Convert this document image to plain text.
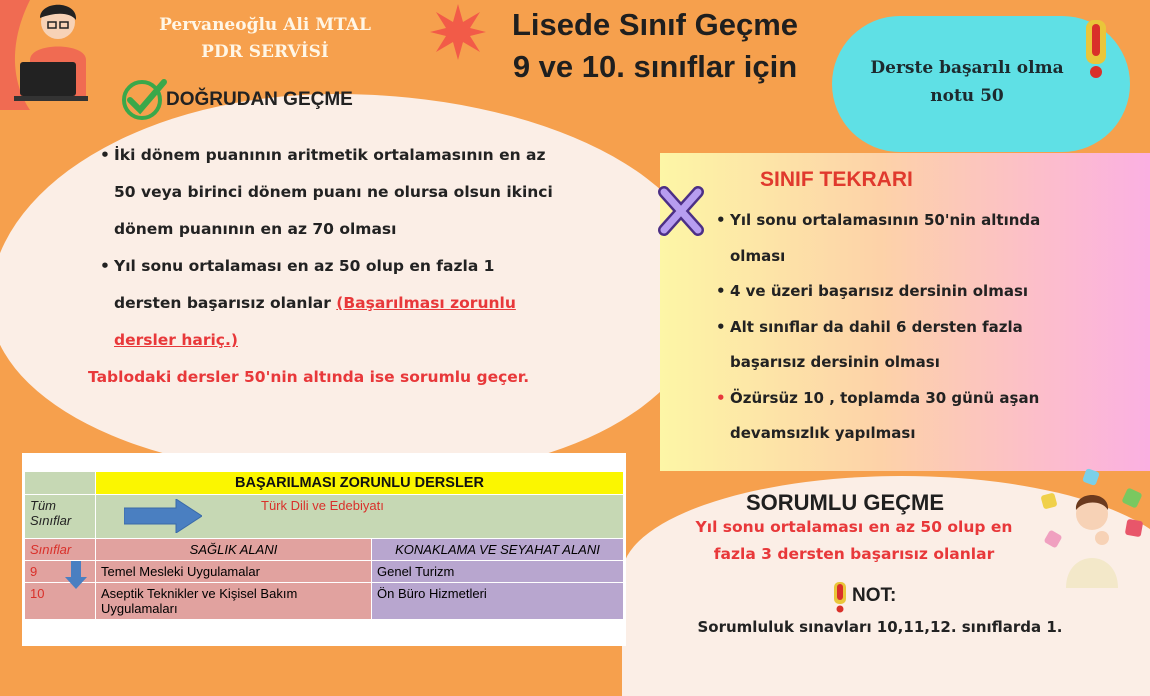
Pervaneoğlu Ali MTAL
PDR SERVİSİ
Lisede Sınıf Geçme
9 ve 10. sınıflar için	Derste başarılı olma
notu 50
DOĞRUDAN GEÇME
• İki dönem puanının aritmetik ortalamasının en az
50 veya birinci dönem puanı ne olursa olsun ikinci
dönem puanının en az 70 olması
• Yıl sonu ortalaması en az 50 olup en fazla 1
dersten başarısız olanlar (Başarılması zorunlu
dersler hariç.)
Tablodaki dersler 50'nin altında ise sorumlu geçer.
SINIF TEKRARI
• Yıl sonu ortalamasının 50'nin altında
olması
• 4 ve üzeri başarısız dersinin olması
• Alt sınıflar da dahil 6 dersten fazla
başarısız dersinin olması
• Özürsüz 10 , toplamda 30 günü aşan
devamsızlık yapılması
SORUMLU GEÇME
Yıl sonu ortalaması en az 50 olup en
fazla 3 dersten başarısız olanlar
NOT:
Sorumluluk sınavları 10,11,12. sınıflarda 1.
	BAŞARILMASI ZORUNLU DERSLER	

Tüm
Sınıflar	Türk Dili ve Edebiyatı	

Sınıflar	SAĞLIK ALANI	KONAKLAMA VE SEYAHAT ALANI
9	Temel Mesleki Uygulamalar	Genel Turizm
10	Aseptik Teknikler ve Kişisel Bakım Uygulamaları	Ön Büro Hizmetleri
